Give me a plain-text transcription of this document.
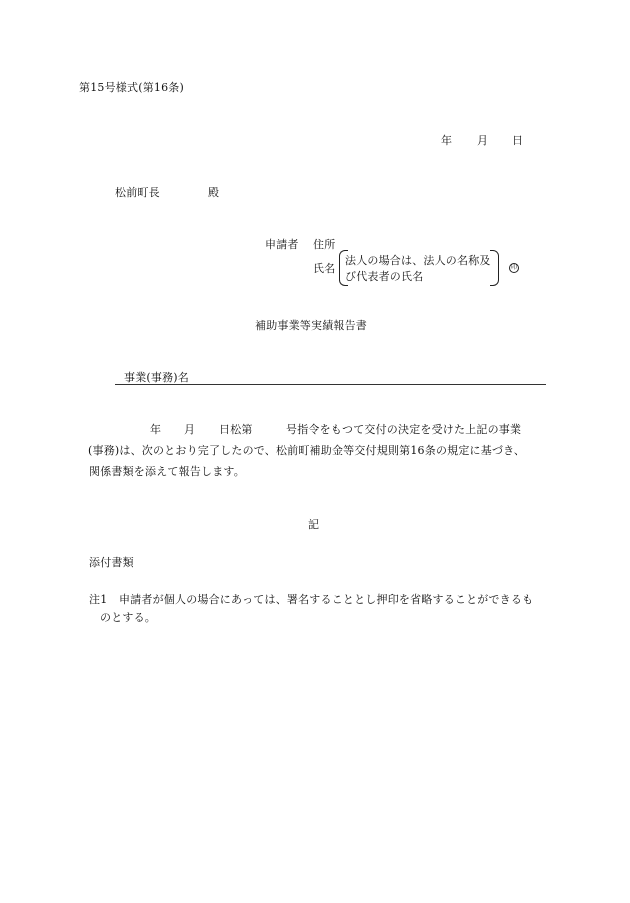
第15号様式(第16条)
年 月 日
松前町長	殿
申請者 住所
氏名
法人の場合は、法人の名称及
び代表者の氏名
印
補助事業等実績報告書
事業(事務)名
年 月 日松第	号指令をもつて交付の決定を受けた上記の事業
(事務)は、次のとおり完了したので、松前町補助金等交付規則第16条の規定に基づき、
関係書類を添えて報告します。
記
添付書類
注1 申請者が個人の場合にあっては、署名することとし押印を省略することができるも
のとする。
